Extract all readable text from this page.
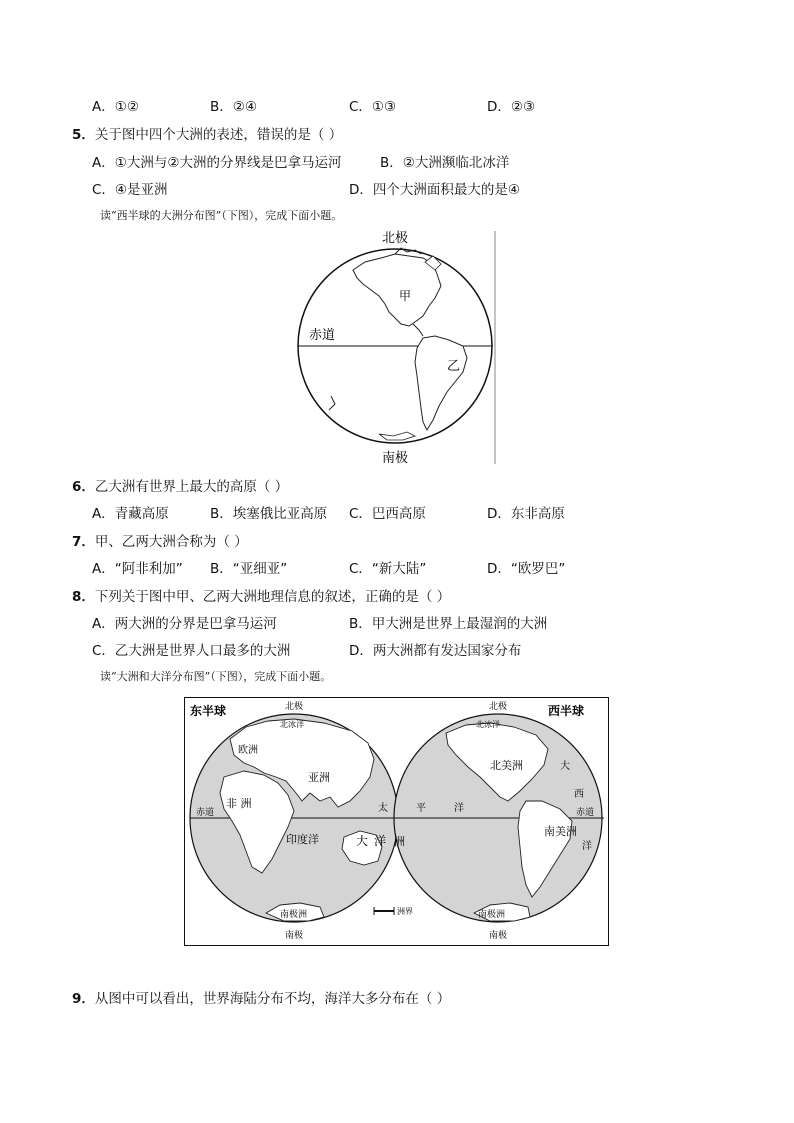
A．①②	B．②④	C．①③	D．②③
5．关于图中四个大洲的表述，错误的是（ ）
A．①大洲与②大洲的分界线是巴拿马运河	B．②大洲濒临北冰洋
C．④是亚洲	D．四个大洲面积最大的是④
读“西半球的大洲分布图”（下图），完成下面小题。
北极
南极
赤道
甲
乙
6．乙大洲有世界上最大的高原（ ）
A．青藏高原	B．埃塞俄比亚高原 C．巴西高原	D．东非高原
7．甲、乙两大洲合称为（ ）
A．“阿非利加” B．“亚细亚”	C．“新大陆”	D．“欧罗巴”
8．下列关于图中甲、乙两大洲地理信息的叙述，正确的是（ ）
A．两大洲的分界是巴拿马运河	B．甲大洲是世界上最湿润的大洲
C．乙大洲是世界人口最多的大洲	D．两大洲都有发达国家分布
读“大洲和大洋分布图”（下图），完成下面小题。
东半球	西半球
北极	北极
南极	南极
北冰洋	北冰洋
欧洲
亚洲
非 洲
赤道	赤道
印度洋
南极洲	南极洲
太	平	洋
大 洋 洲
北美洲
南美洲
大
西
洋
洲界
9．从图中可以看出，世界海陆分布不均，海洋大多分布在（ ）
